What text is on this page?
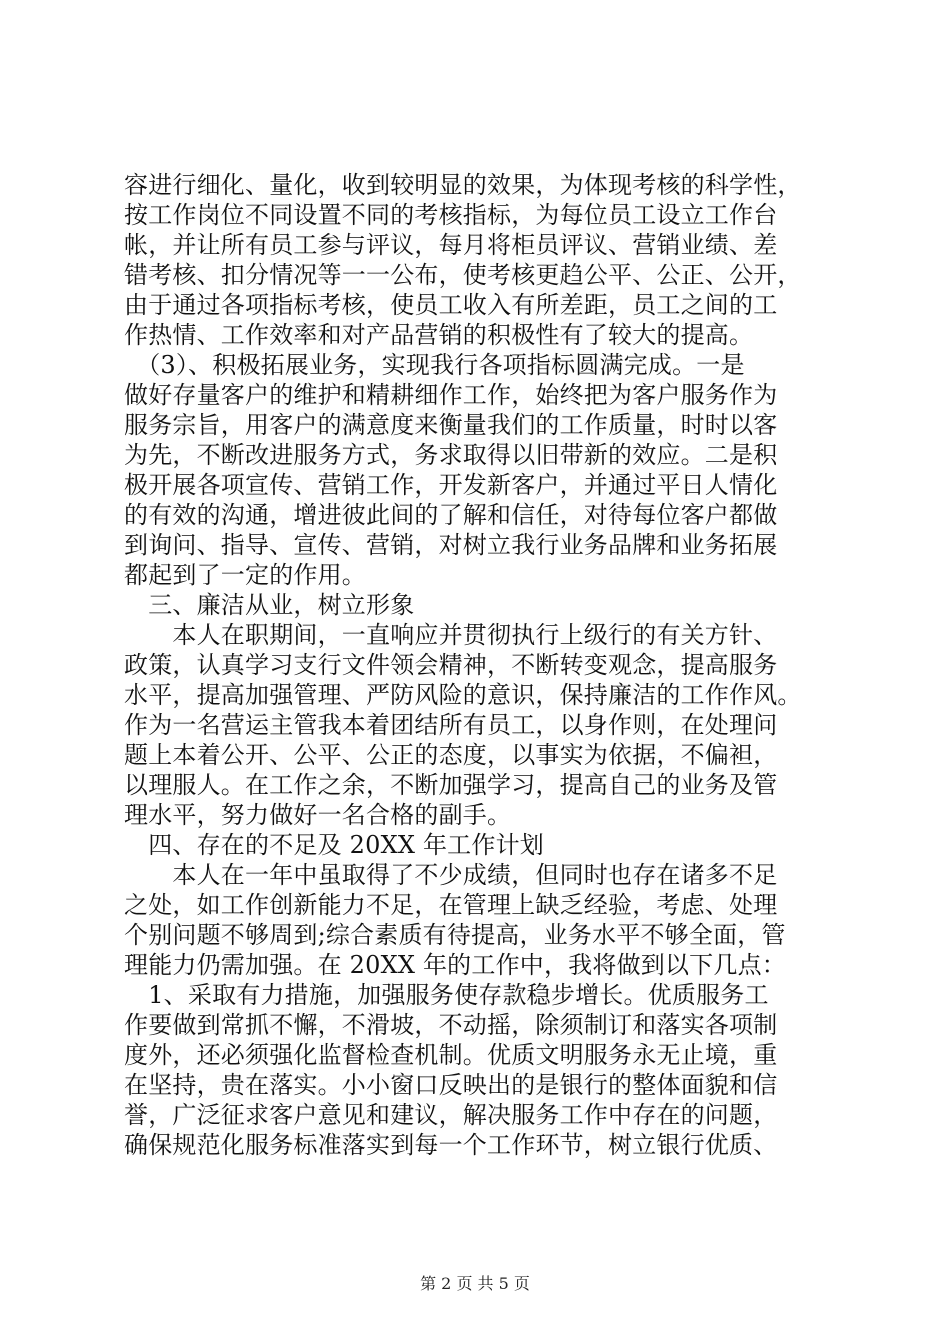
容进行细化、量化，收到较明显的效果，为体现考核的科学性，
按工作岗位不同设置不同的考核指标，为每位员工设立工作台
帐，并让所有员工参与评议，每月将柜员评议、营销业绩、差
错考核、扣分情况等一一公布，使考核更趋公平、公正、公开，
由于通过各项指标考核，使员工收入有所差距，员工之间的工
作热情、工作效率和对产品营销的积极性有了较大的提高。
　（3）、积极拓展业务，实现我行各项指标圆满完成。一是
做好存量客户的维护和精耕细作工作，始终把为客户服务作为
服务宗旨，用客户的满意度来衡量我们的工作质量，时时以客
为先，不断改进服务方式，务求取得以旧带新的效应。二是积
极开展各项宣传、营销工作，开发新客户，并通过平日人情化
的有效的沟通，增进彼此间的了解和信任，对待每位客户都做
到询问、指导、宣传、营销，对树立我行业务品牌和业务拓展
都起到了一定的作用。
　三、廉洁从业，树立形象
　　本人在职期间，一直响应并贯彻执行上级行的有关方针、
政策，认真学习支行文件领会精神，不断转变观念，提高服务
水平，提高加强管理、严防风险的意识，保持廉洁的工作作风。
作为一名营运主管我本着团结所有员工，以身作则，在处理问
题上本着公开、公平、公正的态度，以事实为依据，不偏袒，
以理服人。在工作之余，不断加强学习，提高自己的业务及管
理水平，努力做好一名合格的副手。
　四、存在的不足及 20XX 年工作计划
　　本人在一年中虽取得了不少成绩，但同时也存在诸多不足
之处，如工作创新能力不足，在管理上缺乏经验，考虑、处理
个别问题不够周到;综合素质有待提高，业务水平不够全面，管
理能力仍需加强。在 20XX 年的工作中，我将做到以下几点：
　1、采取有力措施，加强服务使存款稳步增长。优质服务工
作要做到常抓不懈，不滑坡，不动摇，除须制订和落实各项制
度外，还必须强化监督检查机制。优质文明服务永无止境，重
在坚持，贵在落实。小小窗口反映出的是银行的整体面貌和信
誉，广泛征求客户意见和建议，解决服务工作中存在的问题，
确保规范化服务标准落实到每一个工作环节，树立银行优质、
第 2 页 共 5 页
